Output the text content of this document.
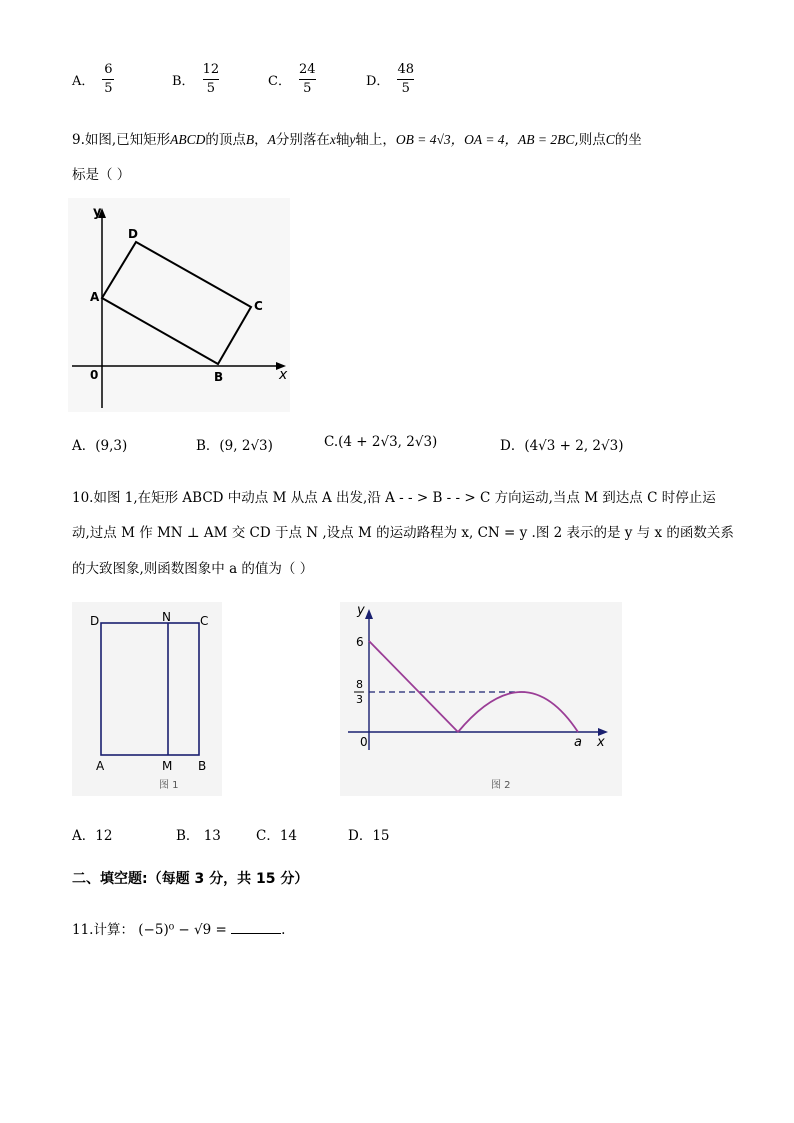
A． $\frac{6}{5}$	B． $\frac{12}{5}$	C． $\frac{24}{5}$	D． $\frac{48}{5}$
9.如图,已知矩形ABCD的顶点B，A分别落在x轴y轴上，OB = 4√3，OA = 4，AB = 2BC,则点C的坐
标是（ ）
y
x
0
A
B
C
D
A．(9,3)	B．(9, 2√3)	C.(4 + 2√3, 2√3)	D．(4√3 + 2, 2√3)
10.如图 1,在矩形 ABCD 中动点 M 从点 A 出发,沿 A - - > B - - > C 方向运动,当点 M 到达点 C 时停止运
动,过点 M 作 MN ⊥ AM 交 CD 于点 N ,设点 M 的运动路程为 x, CN = y .图 2 表示的是 y 与 x 的函数关系
的大致图象,则函数图象中 a 的值为（ ）
D	N C
A	M B
图 1
y
6
8
3
0	a x
图 2
A．12	B． 13	C．14	D．15
二、填空题:（每题 3 分，共 15 分）
11.计算： (−5)⁰ − √9 =	.
